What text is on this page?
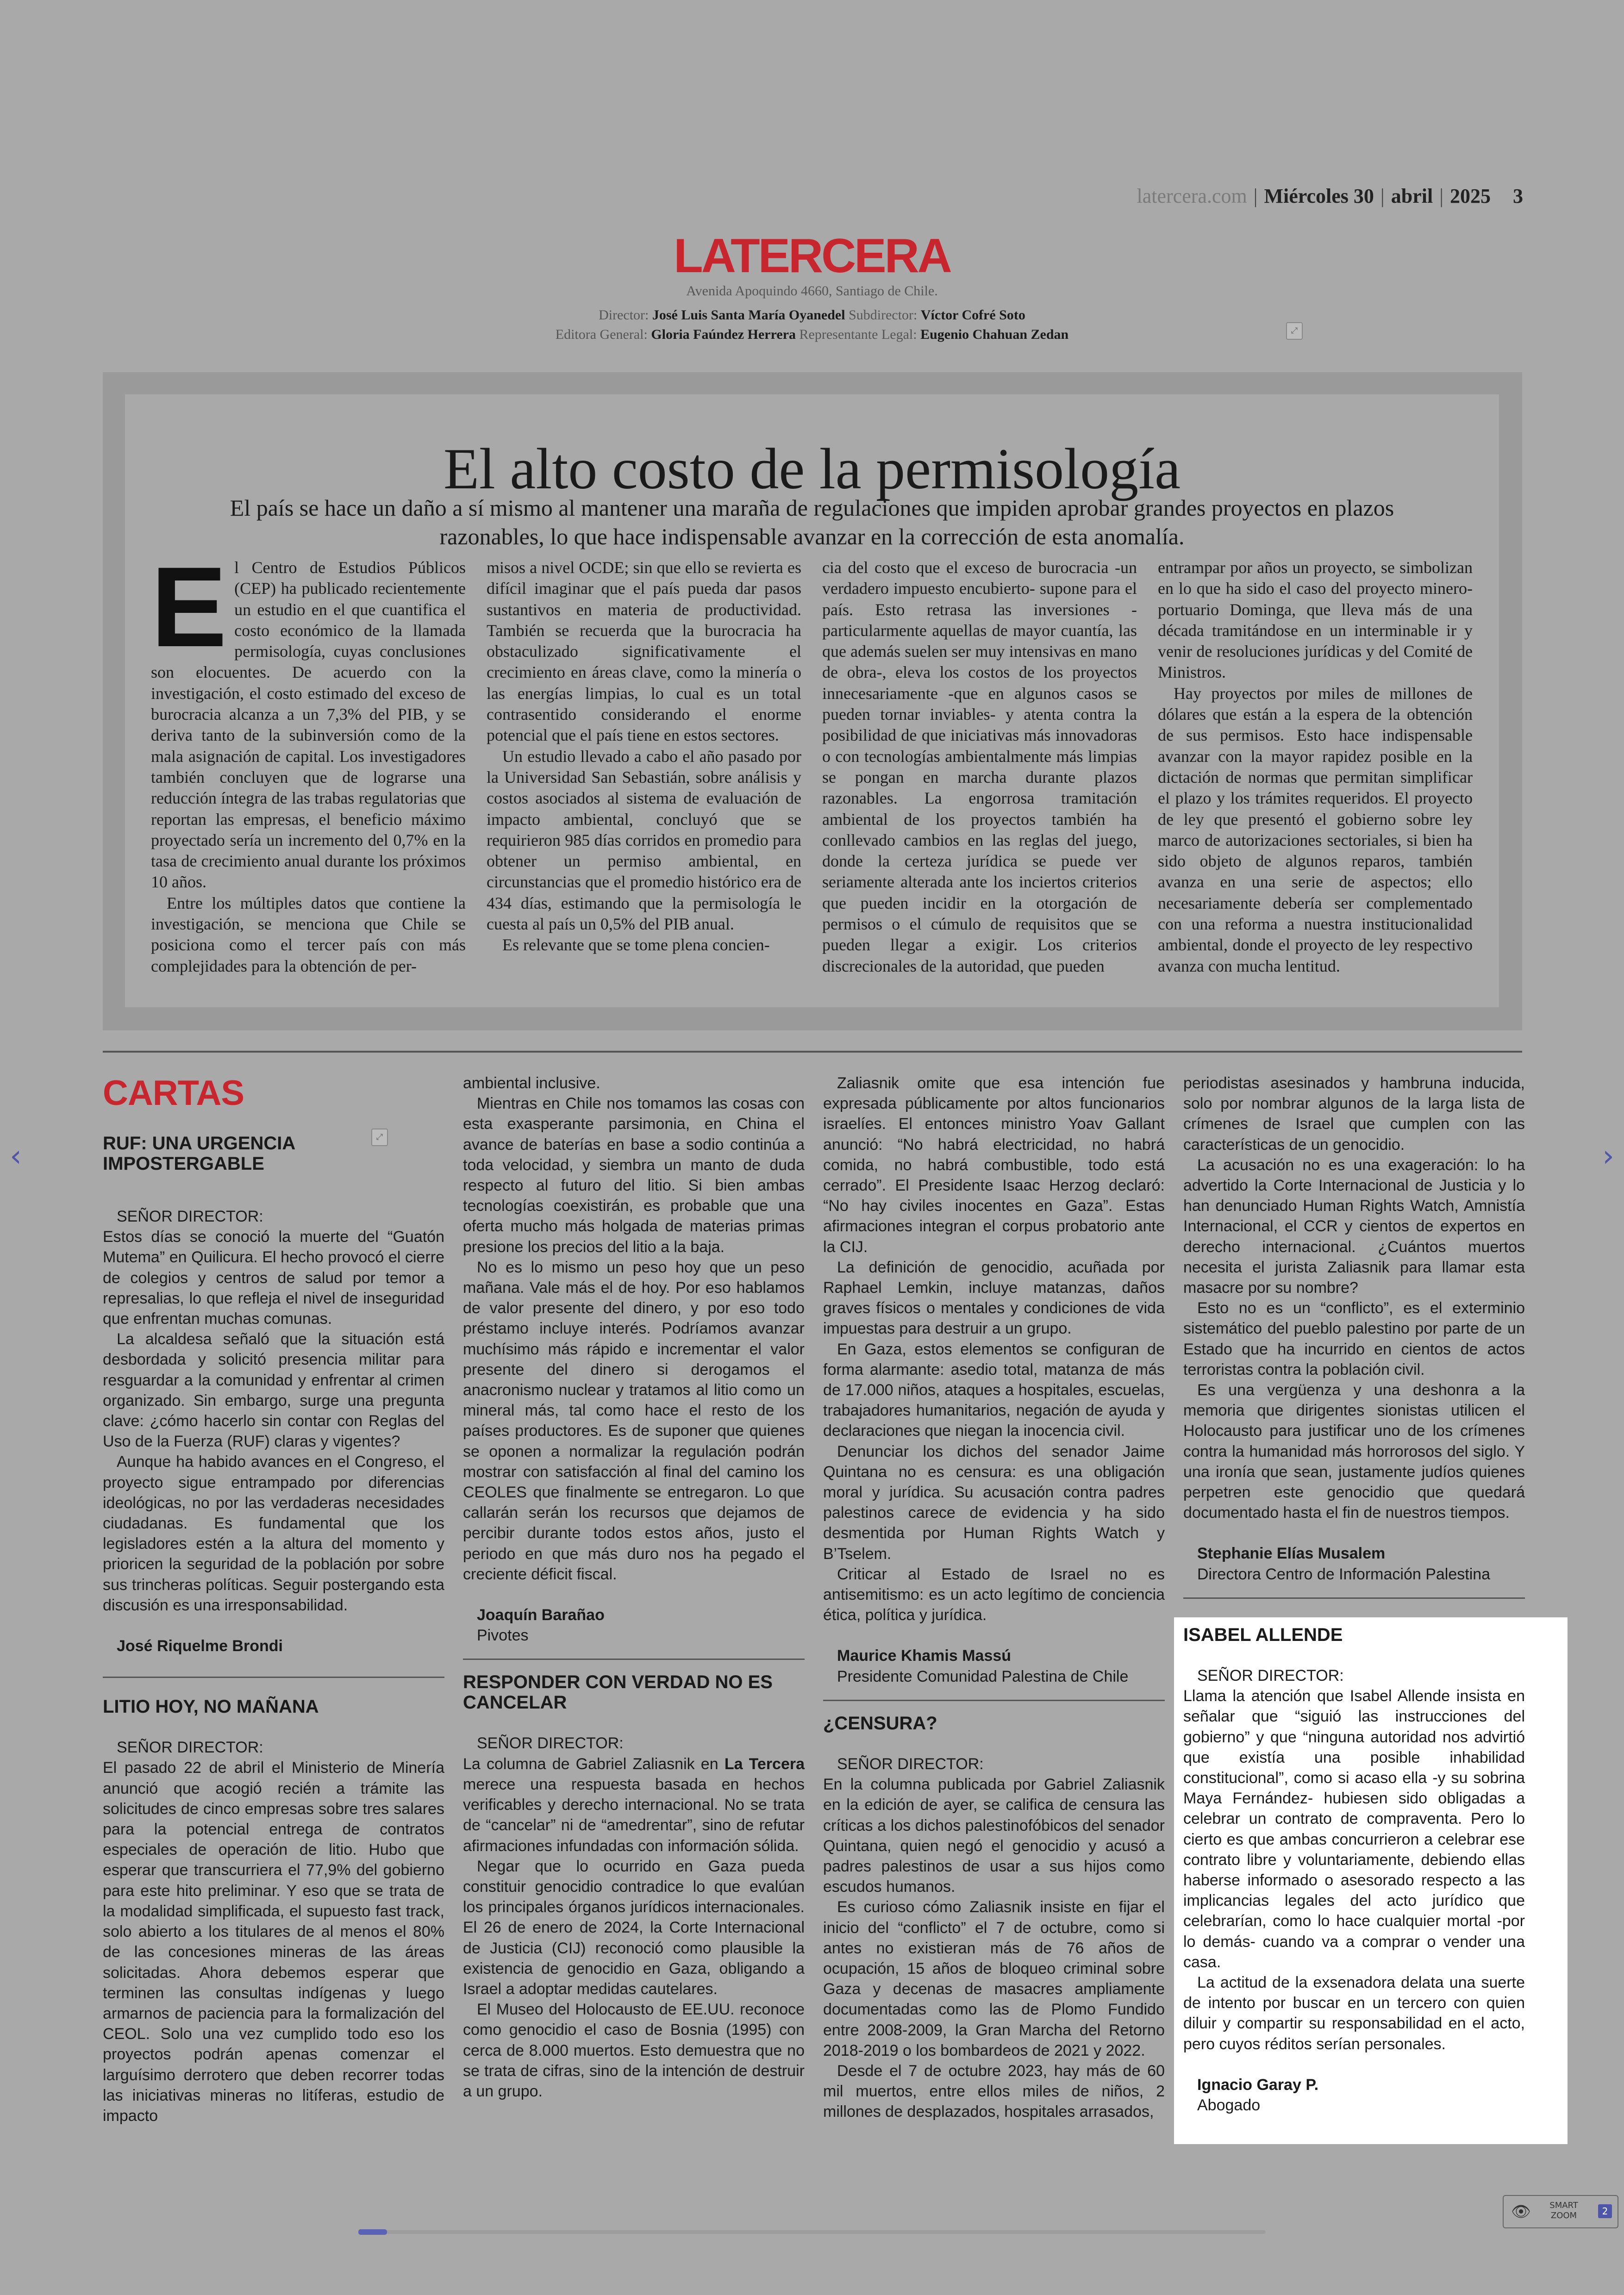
latercera.com | Miércoles 30 | abril | 2025 3
LATERCERA
Avenida Apoquindo 4660, Santiago de Chile.
Director: José Luis Santa María Oyanedel Subdirector: Víctor Cofré Soto
Editora General: Gloria Faúndez Herrera Representante Legal: Eugenio Chahuan Zedan	⤢
El alto costo de la permisología
El país se hace un daño a sí mismo al mantener una maraña de regulaciones que impiden aprobar grandes proyectos en plazos razonables, lo que hace indispensable avanzar en la corrección de esta anomalía.
E l Centro de Estudios Públicos (CEP) ha publicado recientemente un estudio en el que cuantifica el costo económico de la llamada permisología, cuyas conclusiones son elocuentes. De acuerdo con la investigación, el costo estimado del exceso de burocracia alcanza a un 7,3% del PIB, y se deriva tanto de la subinversión como de la mala asignación de capital. Los investigadores también concluyen que de lograrse una reducción íntegra de las trabas regulatorias que reportan las empresas, el beneficio máximo proyectado sería un incremento del 0,7% en la tasa de crecimiento anual durante los próximos 10 años.

Entre los múltiples datos que contiene la investigación, se menciona que Chile se posiciona como el tercer país con más complejidades para la obtención de per-

misos a nivel OCDE; sin que ello se revierta es difícil imaginar que el país pueda dar pasos sustantivos en materia de productividad. También se recuerda que la burocracia ha obstaculizado significativamente el crecimiento en áreas clave, como la minería o las energías limpias, lo cual es un total contrasentido considerando el enorme potencial que el país tiene en estos sectores.

Un estudio llevado a cabo el año pasado por la Universidad San Sebastián, sobre análisis y costos asociados al sistema de evaluación de impacto ambiental, concluyó que se requirieron 985 días corridos en promedio para obtener un permiso ambiental, en circunstancias que el promedio histórico era de 434 días, estimando que la permisología le cuesta al país un 0,5% del PIB anual.

Es relevante que se tome plena concien-

cia del costo que el exceso de burocracia -un verdadero impuesto encubierto- supone para el país. Esto retrasa las inversiones -particularmente aquellas de mayor cuantía, las que además suelen ser muy intensivas en mano de obra-, eleva los costos de los proyectos innecesariamente -que en algunos casos se pueden tornar inviables- y atenta contra la posibilidad de que iniciativas más innovadoras o con tecnologías ambientalmente más limpias se pongan en marcha durante plazos razonables. La engorrosa tramitación ambiental de los proyectos también ha conllevado cambios en las reglas del juego, donde la certeza jurídica se puede ver seriamente alterada ante los inciertos criterios que pueden incidir en la otorgación de permisos o el cúmulo de requisitos que se pueden llegar a exigir. Los criterios discrecionales de la autoridad, que pueden

entrampar por años un proyecto, se simbolizan en lo que ha sido el caso del proyecto minero-portuario Dominga, que lleva más de una década tramitándose en un interminable ir y venir de resoluciones jurídicas y del Comité de Ministros.

Hay proyectos por miles de millones de dólares que están a la espera de la obtención de sus permisos. Esto hace indispensable avanzar con la mayor rapidez posible en la dictación de normas que permitan simplificar el plazo y los trámites requeridos. El proyecto de ley que presentó el gobierno sobre ley marco de autorizaciones sectoriales, si bien ha sido objeto de algunos reparos, también avanza en una serie de aspectos; ello necesariamente debería ser complementado con una reforma a nuestra institucionalidad ambiental, donde el proyecto de ley respectivo avanza con mucha lentitud.

CARTAS
⤢
RUF: UNA URGENCIA IMPOSTERGABLE

SEÑOR DIRECTOR:

Estos días se conoció la muerte del “Guatón Mutema” en Quilicura. El hecho provocó el cierre de colegios y centros de salud por temor a represalias, lo que refleja el nivel de inseguridad que enfrentan muchas comunas.

La alcaldesa señaló que la situación está desbordada y solicitó presencia militar para resguardar a la comunidad y enfrentar al crimen organizado. Sin embargo, surge una pregunta clave: ¿cómo hacerlo sin contar con Reglas del Uso de la Fuerza (RUF) claras y vigentes?

Aunque ha habido avances en el Congreso, el proyecto sigue entrampado por diferencias ideológicas, no por las verdaderas necesidades ciudadanas. Es fundamental que los legisladores estén a la altura del momento y prioricen la seguridad de la población por sobre sus trincheras políticas. Seguir postergando esta discusión es una irresponsabilidad.

José Riquelme Brondi

LITIO HOY, NO MAÑANA

SEÑOR DIRECTOR:

El pasado 22 de abril el Ministerio de Minería anunció que acogió recién a trámite las solicitudes de cinco empresas sobre tres salares para la potencial entrega de contratos especiales de operación de litio. Hubo que esperar que transcurriera el 77,9% del gobierno para este hito preliminar. Y eso que se trata de la modalidad simplificada, el supuesto fast track, solo abierto a los titulares de al menos el 80% de las concesiones mineras de las áreas solicitadas. Ahora debemos esperar que terminen las consultas indígenas y luego armarnos de paciencia para la formalización del CEOL. Solo una vez cumplido todo eso los proyectos podrán apenas comenzar el larguísimo derrotero que deben recorrer todas las iniciativas mineras no litíferas, estudio de impacto

ambiental inclusive.

Mientras en Chile nos tomamos las cosas con esta exasperante parsimonia, en China el avance de baterías en base a sodio continúa a toda velocidad, y siembra un manto de duda respecto al futuro del litio. Si bien ambas tecnologías coexistirán, es probable que una oferta mucho más holgada de materias primas presione los precios del litio a la baja.

No es lo mismo un peso hoy que un peso mañana. Vale más el de hoy. Por eso hablamos de valor presente del dinero, y por eso todo préstamo incluye interés. Podríamos avanzar muchísimo más rápido e incrementar el valor presente del dinero si derogamos el anacronismo nuclear y tratamos al litio como un mineral más, tal como hace el resto de los países productores. Es de suponer que quienes se oponen a normalizar la regulación podrán mostrar con satisfacción al final del camino los CEOLES que finalmente se entregaron. Lo que callarán serán los recursos que dejamos de percibir durante todos estos años, justo el periodo en que más duro nos ha pegado el creciente déficit fiscal.

Joaquín Barañao

Pivotes

RESPONDER CON VERDAD NO ES CANCELAR

SEÑOR DIRECTOR:

La columna de Gabriel Zaliasnik en La Tercera merece una respuesta basada en hechos verificables y derecho internacional. No se trata de “cancelar” ni de “amedrentar”, sino de refutar afirmaciones infundadas con información sólida.

Negar que lo ocurrido en Gaza pueda constituir genocidio contradice lo que evalúan los principales órganos jurídicos internacionales. El 26 de enero de 2024, la Corte Internacional de Justicia (CIJ) reconoció como plausible la existencia de genocidio en Gaza, obligando a Israel a adoptar medidas cautelares.

El Museo del Holocausto de EE.UU. reconoce como genocidio el caso de Bosnia (1995) con cerca de 8.000 muertos. Esto demuestra que no se trata de cifras, sino de la intención de destruir a un grupo.

Zaliasnik omite que esa intención fue expresada públicamente por altos funcionarios israelíes. El entonces ministro Yoav Gallant anunció: “No habrá electricidad, no habrá comida, no habrá combustible, todo está cerrado”. El Presidente Isaac Herzog declaró: “No hay civiles inocentes en Gaza”. Estas afirmaciones integran el corpus probatorio ante la CIJ.

La definición de genocidio, acuñada por Raphael Lemkin, incluye matanzas, daños graves físicos o mentales y condiciones de vida impuestas para destruir a un grupo.

En Gaza, estos elementos se configuran de forma alarmante: asedio total, matanza de más de 17.000 niños, ataques a hospitales, escuelas, trabajadores humanitarios, negación de ayuda y declaraciones que niegan la inocencia civil.

Denunciar los dichos del senador Jaime Quintana no es censura: es una obligación moral y jurídica. Su acusación contra padres palestinos carece de evidencia y ha sido desmentida por Human Rights Watch y B’Tselem.

Criticar al Estado de Israel no es antisemitismo: es un acto legítimo de conciencia ética, política y jurídica.

Maurice Khamis Massú

Presidente Comunidad Palestina de Chile

¿CENSURA?

SEÑOR DIRECTOR:

En la columna publicada por Gabriel Zaliasnik en la edición de ayer, se califica de censura las críticas a los dichos palestinofóbicos del senador Quintana, quien negó el genocidio y acusó a padres palestinos de usar a sus hijos como escudos humanos.

Es curioso cómo Zaliasnik insiste en fijar el inicio del “conflicto” el 7 de octubre, como si antes no existieran más de 76 años de ocupación, 15 años de bloqueo criminal sobre Gaza y decenas de masacres ampliamente documentadas como las de Plomo Fundido entre 2008-2009, la Gran Marcha del Retorno 2018-2019 o los bombardeos de 2021 y 2022.

Desde el 7 de octubre 2023, hay más de 60 mil muertos, entre ellos miles de niños, 2 millones de desplazados, hospitales arrasados,

periodistas asesinados y hambruna inducida, solo por nombrar algunos de la larga lista de crímenes de Israel que cumplen con las características de un genocidio.

La acusación no es una exageración: lo ha advertido la Corte Internacional de Justicia y lo han denunciado Human Rights Watch, Amnistía Internacional, el CCR y cientos de expertos en derecho internacional. ¿Cuántos muertos necesita el jurista Zaliasnik para llamar esta masacre por su nombre?

Esto no es un “conflicto”, es el exterminio sistemático del pueblo palestino por parte de un Estado que ha incurrido en cientos de actos terroristas contra la población civil.

Es una vergüenza y una deshonra a la memoria que dirigentes sionistas utilicen el Holocausto para justificar uno de los crímenes contra la humanidad más horrorosos del siglo. Y una ironía que sean, justamente judíos quienes perpetren este genocidio que quedará documentado hasta el fin de nuestros tiempos.

Stephanie Elías Musalem

Directora Centro de Información Palestina

ISABEL ALLENDE

SEÑOR DIRECTOR:

Llama la atención que Isabel Allende insista en señalar que “siguió las instrucciones del gobierno” y que “ninguna autoridad nos advirtió que existía una posible inhabilidad constitucional”, como si acaso ella -y su sobrina Maya Fernández- hubiesen sido obligadas a celebrar un contrato de compraventa. Pero lo cierto es que ambas concurrieron a celebrar ese contrato libre y voluntariamente, debiendo ellas haberse informado o asesorado respecto a las implicancias legales del acto jurídico que celebrarían, como lo hace cualquier mortal -por lo demás- cuando va a comprar o vender una casa.

La actitud de la exsenadora delata una suerte de intento por buscar en un tercero con quien diluir y compartir su responsabilidad en el acto, pero cuyos réditos serían personales.

Ignacio Garay P.

Abogado

‹	›
👁	SMART
ZOOM	2
